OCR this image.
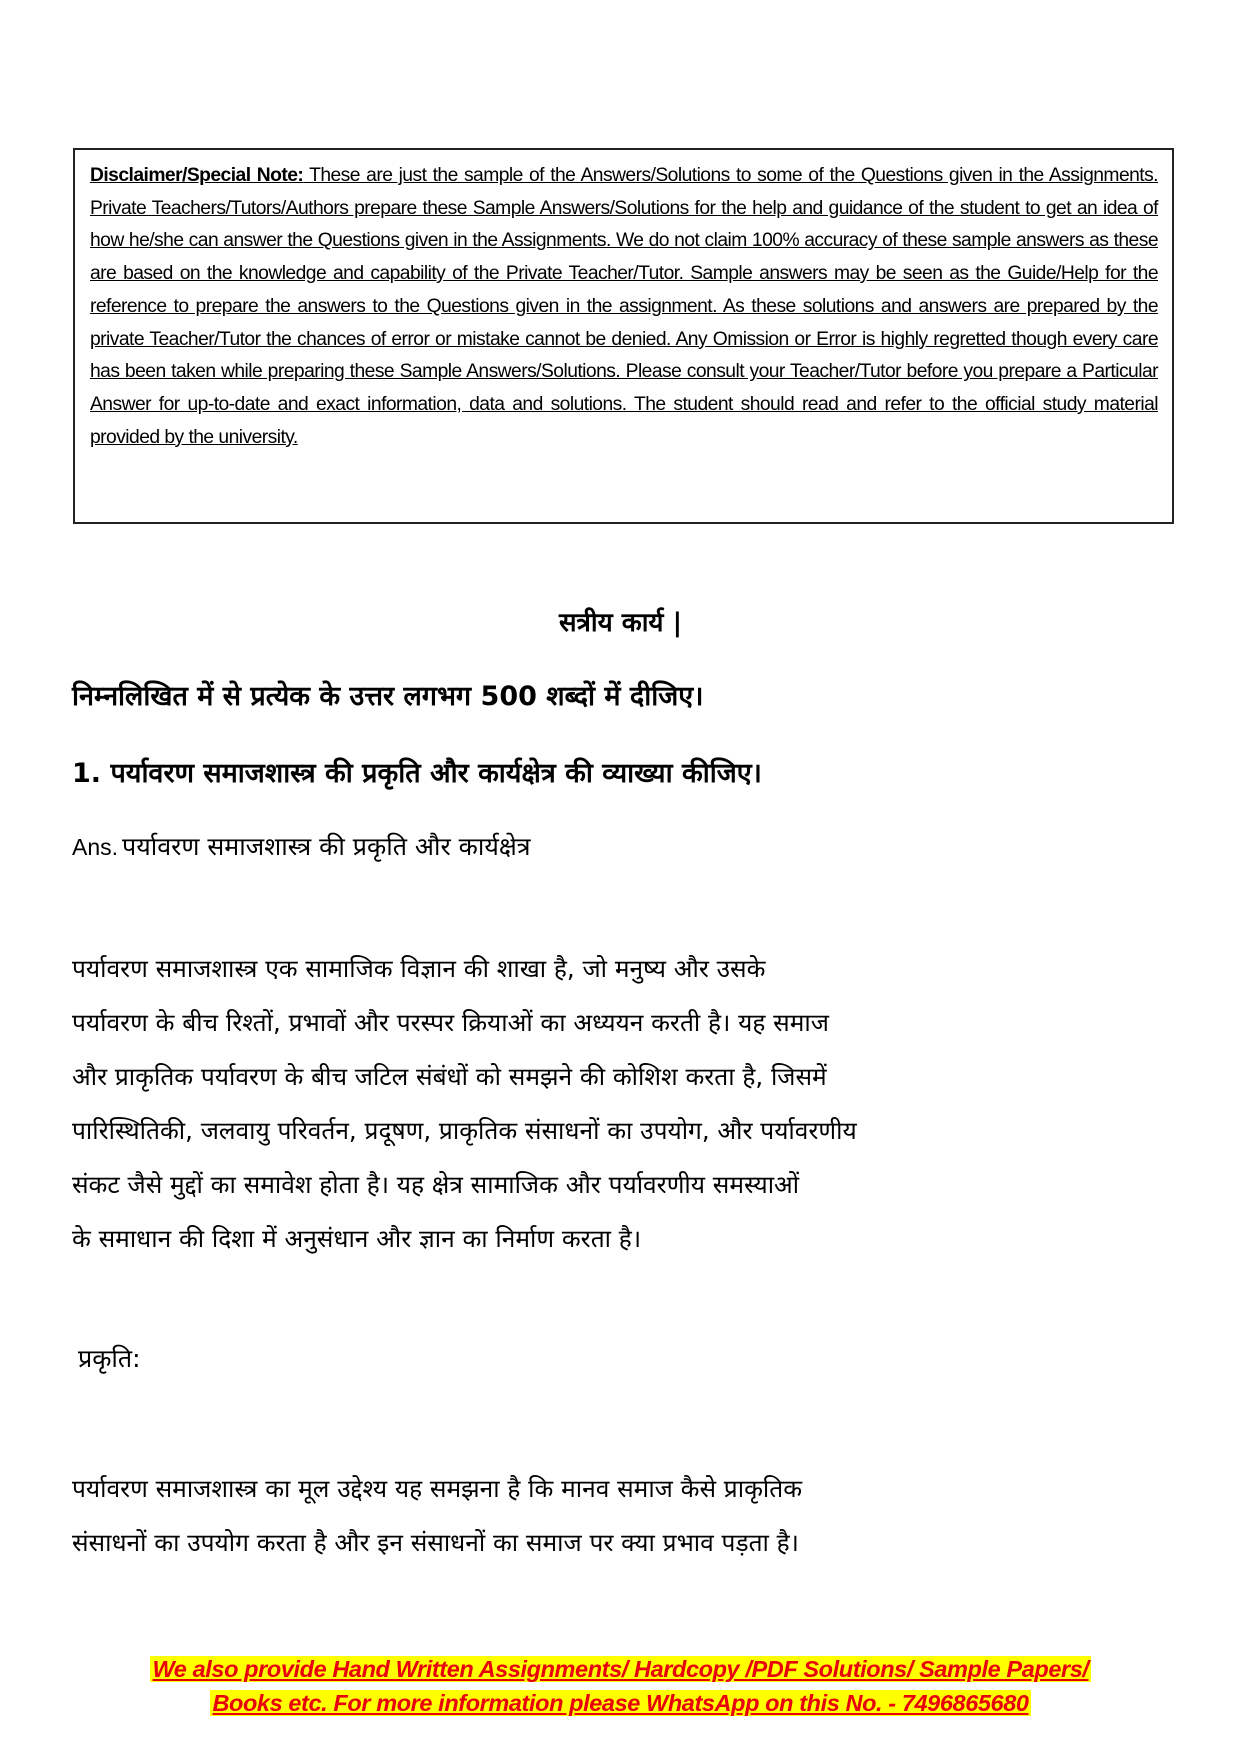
Disclaimer/Special Note: These are just the sample of the Answers/Solutions to some of the Questions given in the Assignments. Private Teachers/Tutors/Authors prepare these Sample Answers/Solutions for the help and guidance of the student to get an idea of how he/she can answer the Questions given in the Assignments. We do not claim 100% accuracy of these sample answers as these are based on the knowledge and capability of the Private Teacher/Tutor. Sample answers may be seen as the Guide/Help for the reference to prepare the answers to the Questions given in the assignment. As these solutions and answers are prepared by the private Teacher/Tutor the chances of error or mistake cannot be denied. Any Omission or Error is highly regretted though every care has been taken while preparing these Sample Answers/Solutions. Please consult your Teacher/Tutor before you prepare a Particular Answer for up-to-date and exact information, data and solutions. The student should read and refer to the official study material provided by the university.

सत्रीय कार्य |
निम्नलिखित में से प्रत्येक के उत्तर लगभग 500 शब्दों में दीजिए।
1. पर्यावरण समाजशास्त्र की प्रकृति और कार्यक्षेत्र की व्याख्या कीजिए।
Ans. पर्यावरण समाजशास्त्र की प्रकृति और कार्यक्षेत्र
पर्यावरण समाजशास्त्र एक सामाजिक विज्ञान की शाखा है, जो मनुष्य और उसके
पर्यावरण के बीच रिश्तों, प्रभावों और परस्पर क्रियाओं का अध्ययन करती है। यह समाज
और प्राकृतिक पर्यावरण के बीच जटिल संबंधों को समझने की कोशिश करता है, जिसमें
पारिस्थितिकी, जलवायु परिवर्तन, प्रदूषण, प्राकृतिक संसाधनों का उपयोग, और पर्यावरणीय
संकट जैसे मुद्दों का समावेश होता है। यह क्षेत्र सामाजिक और पर्यावरणीय समस्याओं
के समाधान की दिशा में अनुसंधान और ज्ञान का निर्माण करता है।
प्रकृति:
पर्यावरण समाजशास्त्र का मूल उद्देश्य यह समझना है कि मानव समाज कैसे प्राकृतिक
संसाधनों का उपयोग करता है और इन संसाधनों का समाज पर क्या प्रभाव पड़ता है।
We also provide Hand Written Assignments/ Hardcopy /PDF Solutions/ Sample Papers/
Books etc. For more information please WhatsApp on this No. - 7496865680
